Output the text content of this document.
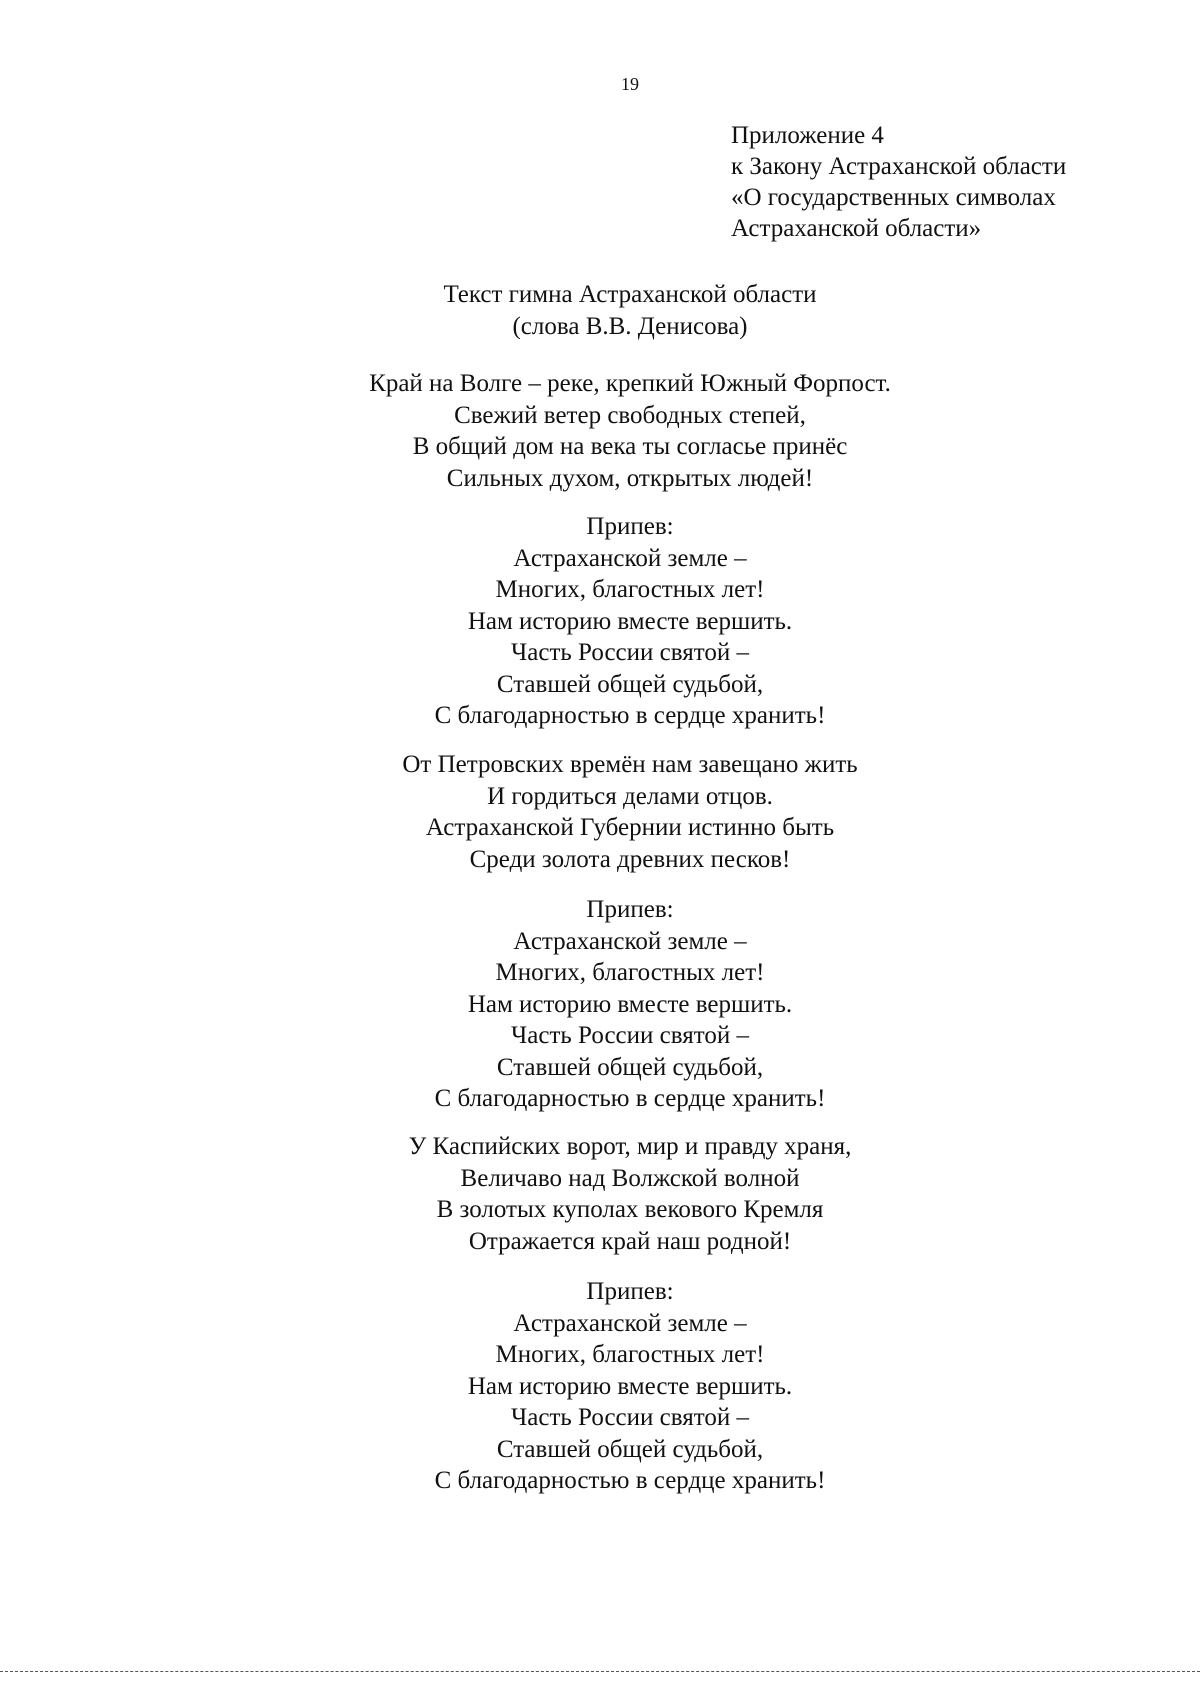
19
Приложение 4
к Закону Астраханской области
«О государственных символах
Астраханской области»
Текст гимна Астраханской области
(слова В.В. Денисова)
Край на Волге – реке, крепкий Южный Форпост.
Свежий ветер свободных степей,
В общий дом на века ты согласье принёс
Сильных духом, открытых людей!
Припев:
Астраханской земле –
Многих, благостных лет!
Нам историю вместе вершить.
Часть России святой –
Ставшей общей судьбой,
С благодарностью в сердце хранить!
От Петровских времён нам завещано жить
И гордиться делами отцов.
Астраханской Губернии истинно быть
Среди золота древних песков!
Припев:
Астраханской земле –
Многих, благостных лет!
Нам историю вместе вершить.
Часть России святой –
Ставшей общей судьбой,
С благодарностью в сердце хранить!
У Каспийских ворот, мир и правду храня,
Величаво над Волжской волной
В золотых куполах векового Кремля
Отражается край наш родной!
Припев:
Астраханской земле –
Многих, благостных лет!
Нам историю вместе вершить.
Часть России святой –
Ставшей общей судьбой,
С благодарностью в сердце хранить!
